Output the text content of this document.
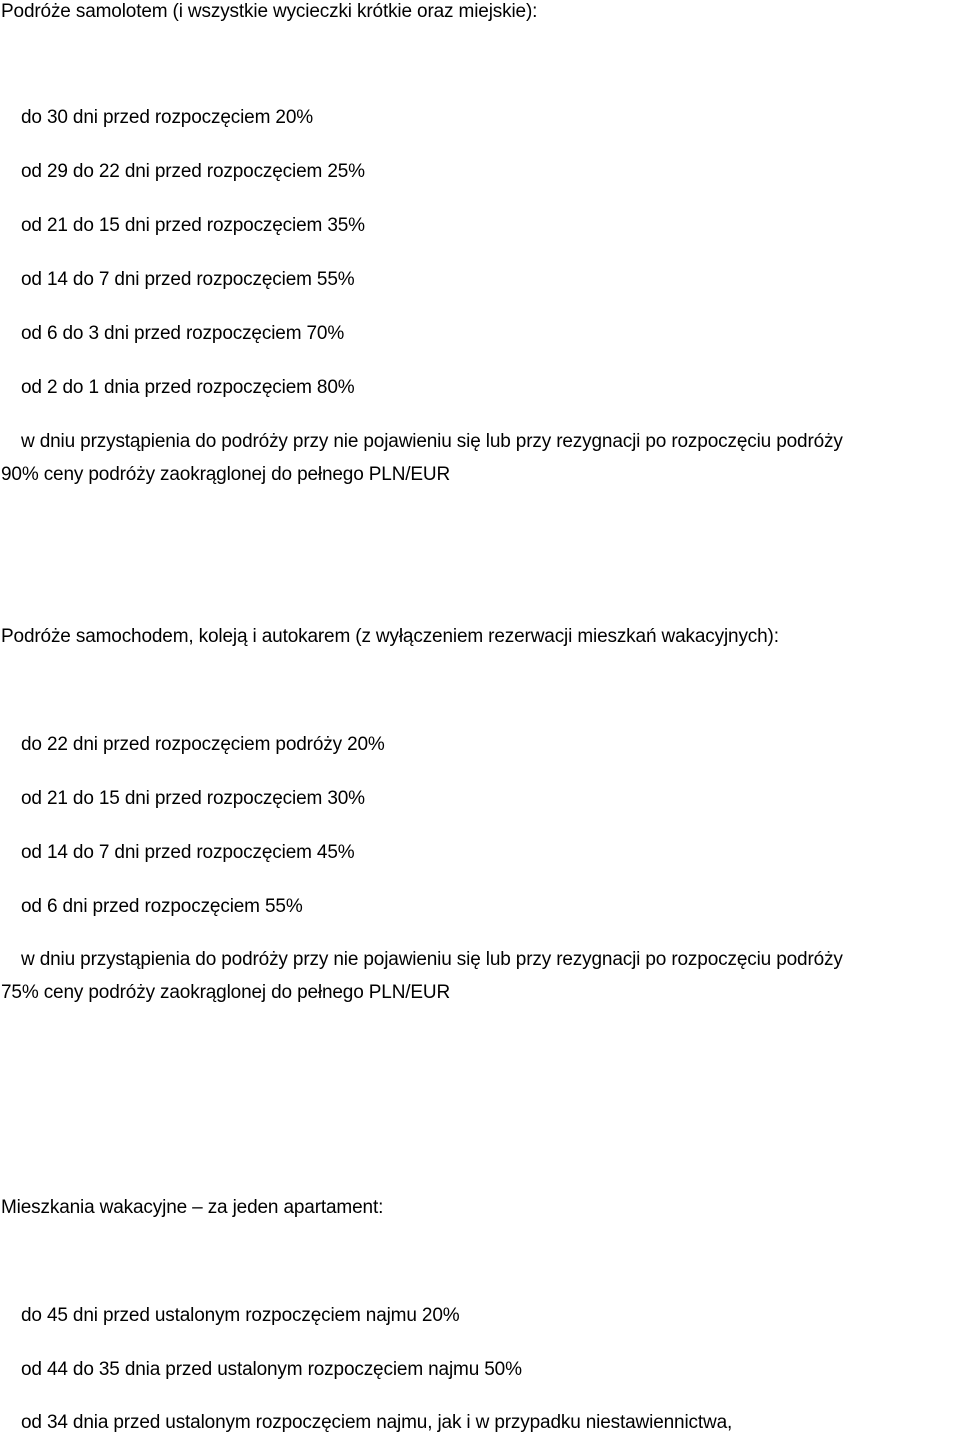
Podróże samolotem (i wszystkie wycieczki krótkie oraz miejskie):
do 30 dni przed rozpoczęciem 20%
od 29 do 22 dni przed rozpoczęciem 25%
od 21 do 15 dni przed rozpoczęciem 35%
od 14 do 7 dni przed rozpoczęciem 55%
od 6 do 3 dni przed rozpoczęciem 70%
od 2 do 1 dnia przed rozpoczęciem 80%
w dniu przystąpienia do podróży przy nie pojawieniu się lub przy rezygnacji po rozpoczęciu podróży
90% ceny podróży zaokrąglonej do pełnego PLN/EUR
Podróże samochodem, koleją i autokarem (z wyłączeniem rezerwacji mieszkań wakacyjnych):
do 22 dni przed rozpoczęciem podróży 20%
od 21 do 15 dni przed rozpoczęciem 30%
od 14 do 7 dni przed rozpoczęciem 45%
od 6 dni przed rozpoczęciem 55%
w dniu przystąpienia do podróży przy nie pojawieniu się lub przy rezygnacji po rozpoczęciu podróży
75% ceny podróży zaokrąglonej do pełnego PLN/EUR
Mieszkania wakacyjne – za jeden apartament:
do 45 dni przed ustalonym rozpoczęciem najmu 20%
od 44 do 35 dnia przed ustalonym rozpoczęciem najmu 50%
od 34 dnia przed ustalonym rozpoczęciem najmu, jak i w przypadku niestawiennictwa,
